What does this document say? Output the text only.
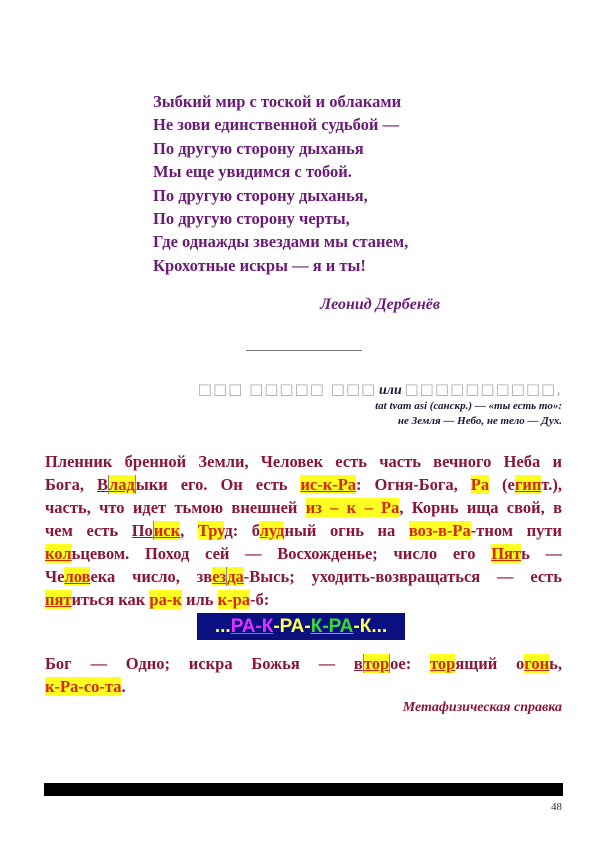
Зыбкий мир с тоской и облаками
Не зови единственной судьбой —
По другую сторону дыханья
Мы еще увидимся с тобой.
По другую сторону дыханья,
По другую сторону черты,
Где однажды звездами мы станем,
Крохотные искры — я и ты!
Леонид Дербенёв
□□□ □□□□□ □□□ или □□□□□□□□□□,
tat tvam asi (санскр.) — «ты есть то»:
не Земля — Небо, не тело — Дух.
Пленник бренной Земли, Человек есть часть вечного Неба и
Бога, Владыки его. Он есть ис-к-Ра: Огня-Бога, Ра (египт.),
часть, что идет тьмою внешней из – к – Ра, Корнь ища свой, в
чем есть Поиск, Труд: блудный огнь на воз-в-Ра-тном пути
кольцевом. Поход сей — Восхожденье; число его Пять —
Человека число, звезда-Высь; уходить-возвращаться — есть
пятиться как ра-к иль к-ра-б:
...РА-К-РА-К-РА-К...
Бог — Одно; искра Божья — второе: торящий огонь,
к-Ра-со-та.
Метафизическая справка
48
